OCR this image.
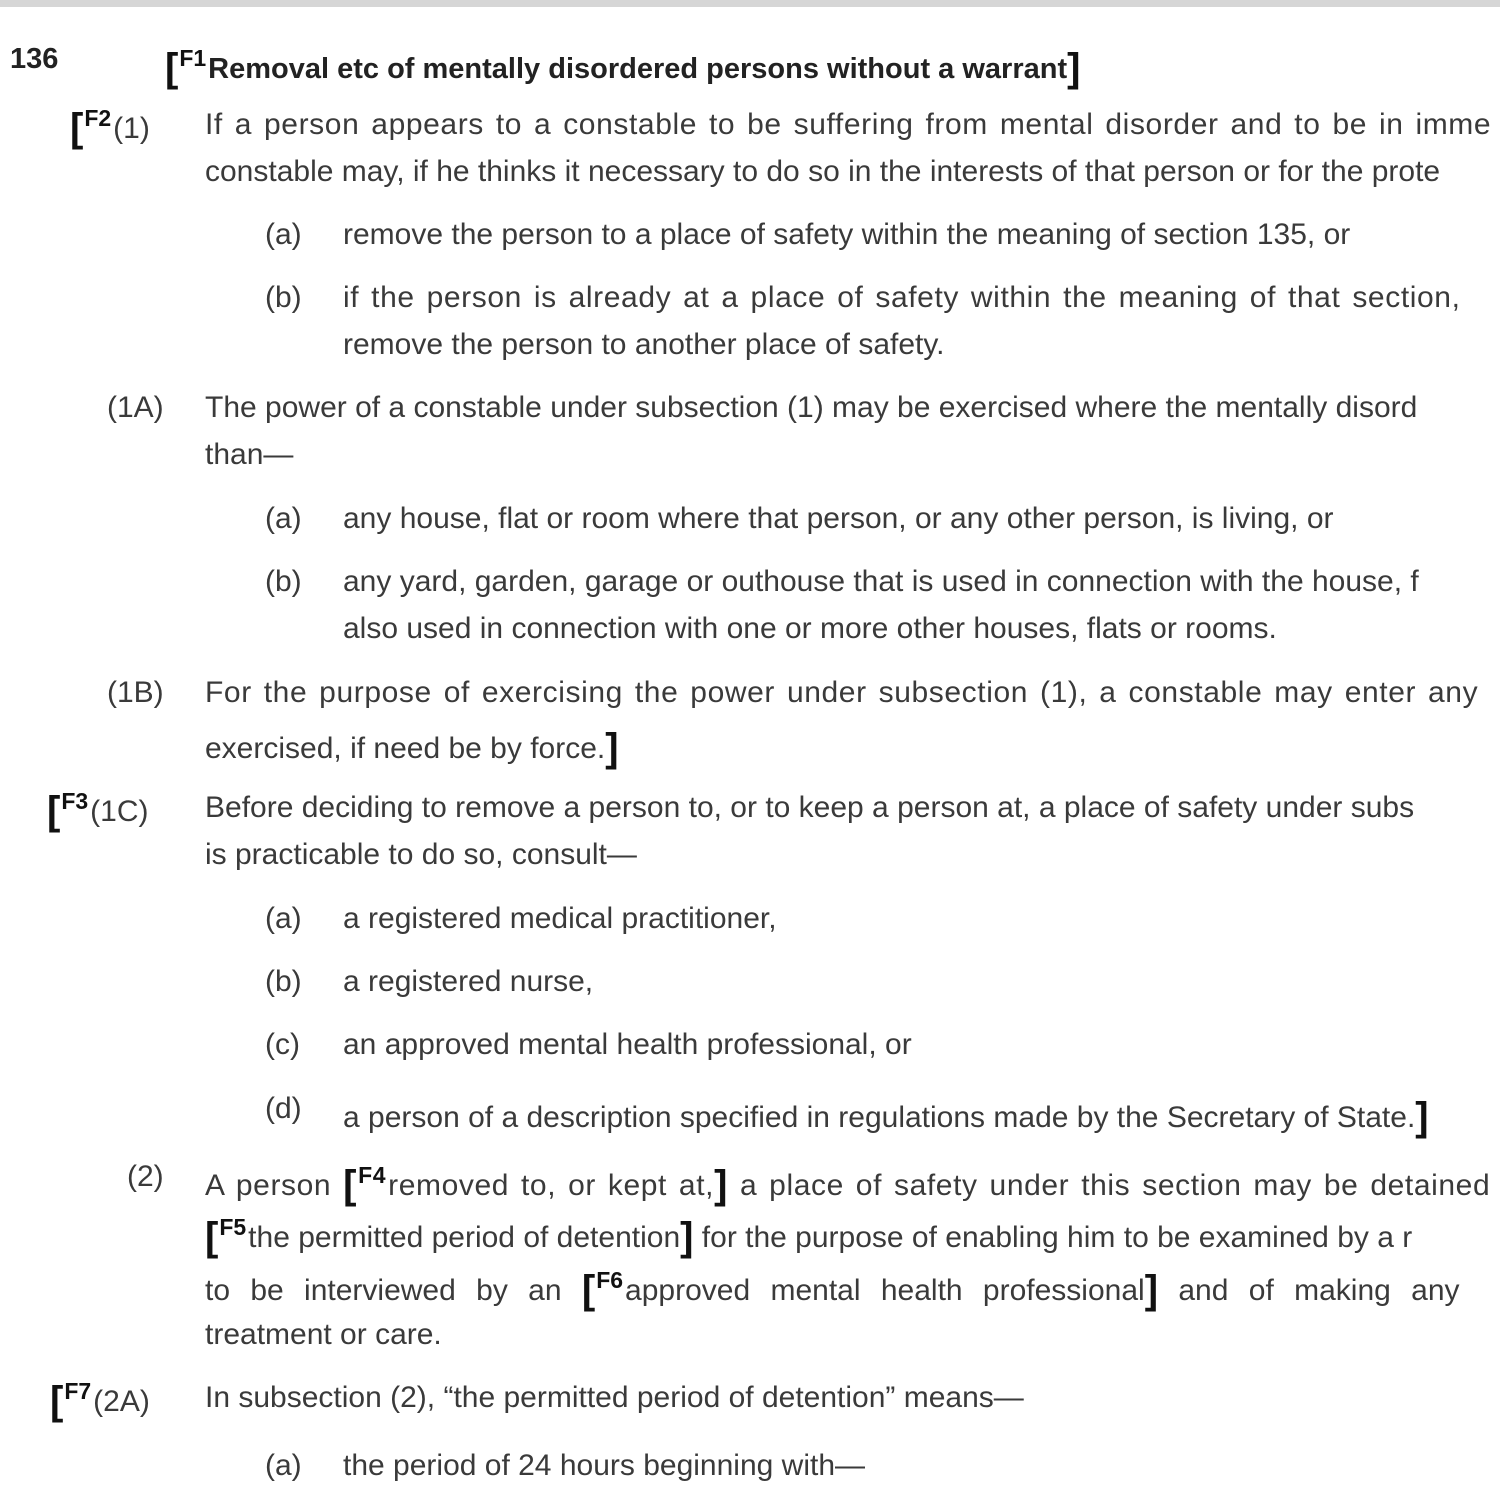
136	[$^{F1}$Removal etc of mentally disordered persons without a warrant]
[$^{F2}$(1) If a person appears to a constable to be suffering from mental disorder and to be in imme
constable may, if he thinks it necessary to do so in the interests of that person or for the prote
(a) remove the person to a place of safety within the meaning of section 135, or
(b) if the person is already at a place of safety within the meaning of that section,
remove the person to another place of safety.
(1A) The power of a constable under subsection (1) may be exercised where the mentally disord
than—
(a) any house, flat or room where that person, or any other person, is living, or
(b) any yard, garden, garage or outhouse that is used in connection with the house, f
also used in connection with one or more other houses, flats or rooms.
(1B) For the purpose of exercising the power under subsection (1), a constable may enter any
exercised, if need be by force.]
[$^{F3}$(1C) Before deciding to remove a person to, or to keep a person at, a place of safety under subs
is practicable to do so, consult—
(a) a registered medical practitioner,
(b) a registered nurse,
(c) an approved mental health professional, or
(d) a person of a description specified in regulations made by the Secretary of State.]
(2) A person [$^{F4}$removed to, or kept at,] a place of safety under this section may be detained
[$^{F5}$the permitted period of detention] for the purpose of enabling him to be examined by a r
to be interviewed by an [$^{F6}$approved mental health professional] and of making any
treatment or care.
[$^{F7}$(2A) In subsection (2), “the permitted period of detention” means—
(a) the period of 24 hours beginning with—
